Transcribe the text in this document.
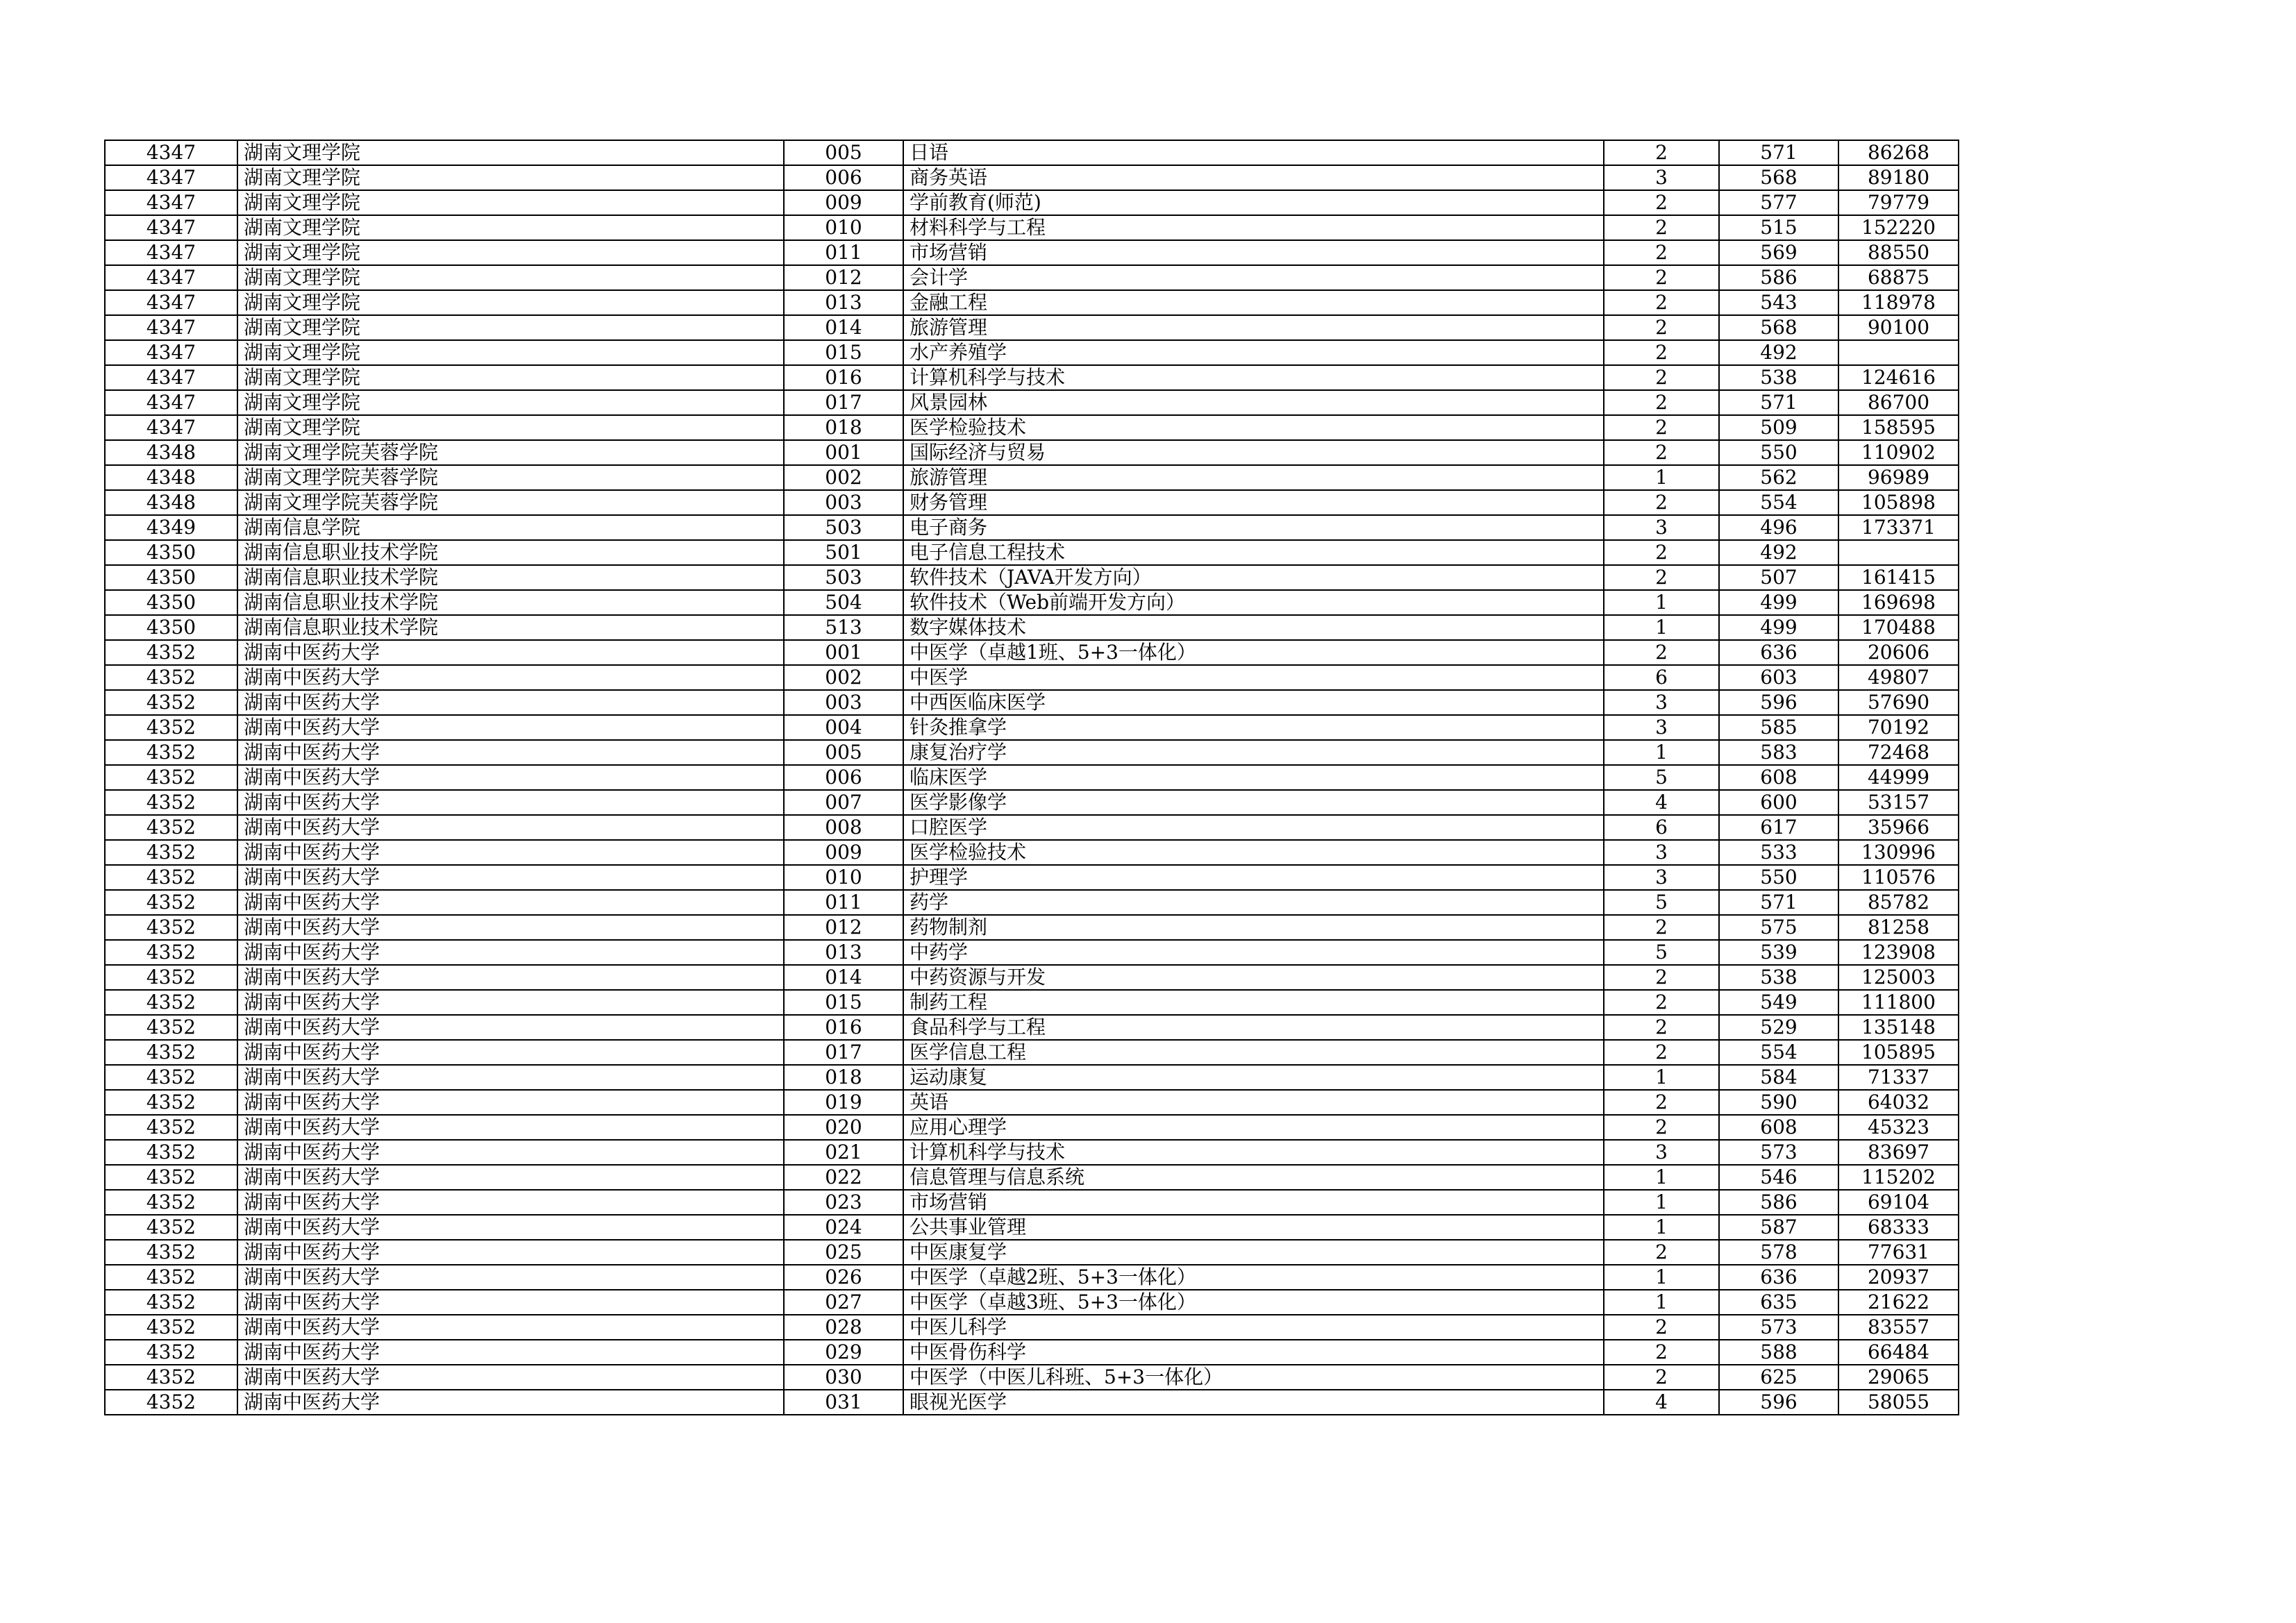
4347	湖南文理学院	005	日语	2	571	86268
4347	湖南文理学院	006	商务英语	3	568	89180
4347	湖南文理学院	009	学前教育(师范)	2	577	79779
4347	湖南文理学院	010	材料科学与工程	2	515	152220
4347	湖南文理学院	011	市场营销	2	569	88550
4347	湖南文理学院	012	会计学	2	586	68875
4347	湖南文理学院	013	金融工程	2	543	118978
4347	湖南文理学院	014	旅游管理	2	568	90100
4347	湖南文理学院	015	水产养殖学	2	492	
4347	湖南文理学院	016	计算机科学与技术	2	538	124616
4347	湖南文理学院	017	风景园林	2	571	86700
4347	湖南文理学院	018	医学检验技术	2	509	158595
4348	湖南文理学院芙蓉学院	001	国际经济与贸易	2	550	110902
4348	湖南文理学院芙蓉学院	002	旅游管理	1	562	96989
4348	湖南文理学院芙蓉学院	003	财务管理	2	554	105898
4349	湖南信息学院	503	电子商务	3	496	173371
4350	湖南信息职业技术学院	501	电子信息工程技术	2	492	
4350	湖南信息职业技术学院	503	软件技术（JAVA开发方向）	2	507	161415
4350	湖南信息职业技术学院	504	软件技术（Web前端开发方向）	1	499	169698
4350	湖南信息职业技术学院	513	数字媒体技术	1	499	170488
4352	湖南中医药大学	001	中医学（卓越1班、5+3一体化）	2	636	20606
4352	湖南中医药大学	002	中医学	6	603	49807
4352	湖南中医药大学	003	中西医临床医学	3	596	57690
4352	湖南中医药大学	004	针灸推拿学	3	585	70192
4352	湖南中医药大学	005	康复治疗学	1	583	72468
4352	湖南中医药大学	006	临床医学	5	608	44999
4352	湖南中医药大学	007	医学影像学	4	600	53157
4352	湖南中医药大学	008	口腔医学	6	617	35966
4352	湖南中医药大学	009	医学检验技术	3	533	130996
4352	湖南中医药大学	010	护理学	3	550	110576
4352	湖南中医药大学	011	药学	5	571	85782
4352	湖南中医药大学	012	药物制剂	2	575	81258
4352	湖南中医药大学	013	中药学	5	539	123908
4352	湖南中医药大学	014	中药资源与开发	2	538	125003
4352	湖南中医药大学	015	制药工程	2	549	111800
4352	湖南中医药大学	016	食品科学与工程	2	529	135148
4352	湖南中医药大学	017	医学信息工程	2	554	105895
4352	湖南中医药大学	018	运动康复	1	584	71337
4352	湖南中医药大学	019	英语	2	590	64032
4352	湖南中医药大学	020	应用心理学	2	608	45323
4352	湖南中医药大学	021	计算机科学与技术	3	573	83697
4352	湖南中医药大学	022	信息管理与信息系统	1	546	115202
4352	湖南中医药大学	023	市场营销	1	586	69104
4352	湖南中医药大学	024	公共事业管理	1	587	68333
4352	湖南中医药大学	025	中医康复学	2	578	77631
4352	湖南中医药大学	026	中医学（卓越2班、5+3一体化）	1	636	20937
4352	湖南中医药大学	027	中医学（卓越3班、5+3一体化）	1	635	21622
4352	湖南中医药大学	028	中医儿科学	2	573	83557
4352	湖南中医药大学	029	中医骨伤科学	2	588	66484
4352	湖南中医药大学	030	中医学（中医儿科班、5+3一体化）	2	625	29065
4352	湖南中医药大学	031	眼视光医学	4	596	58055
